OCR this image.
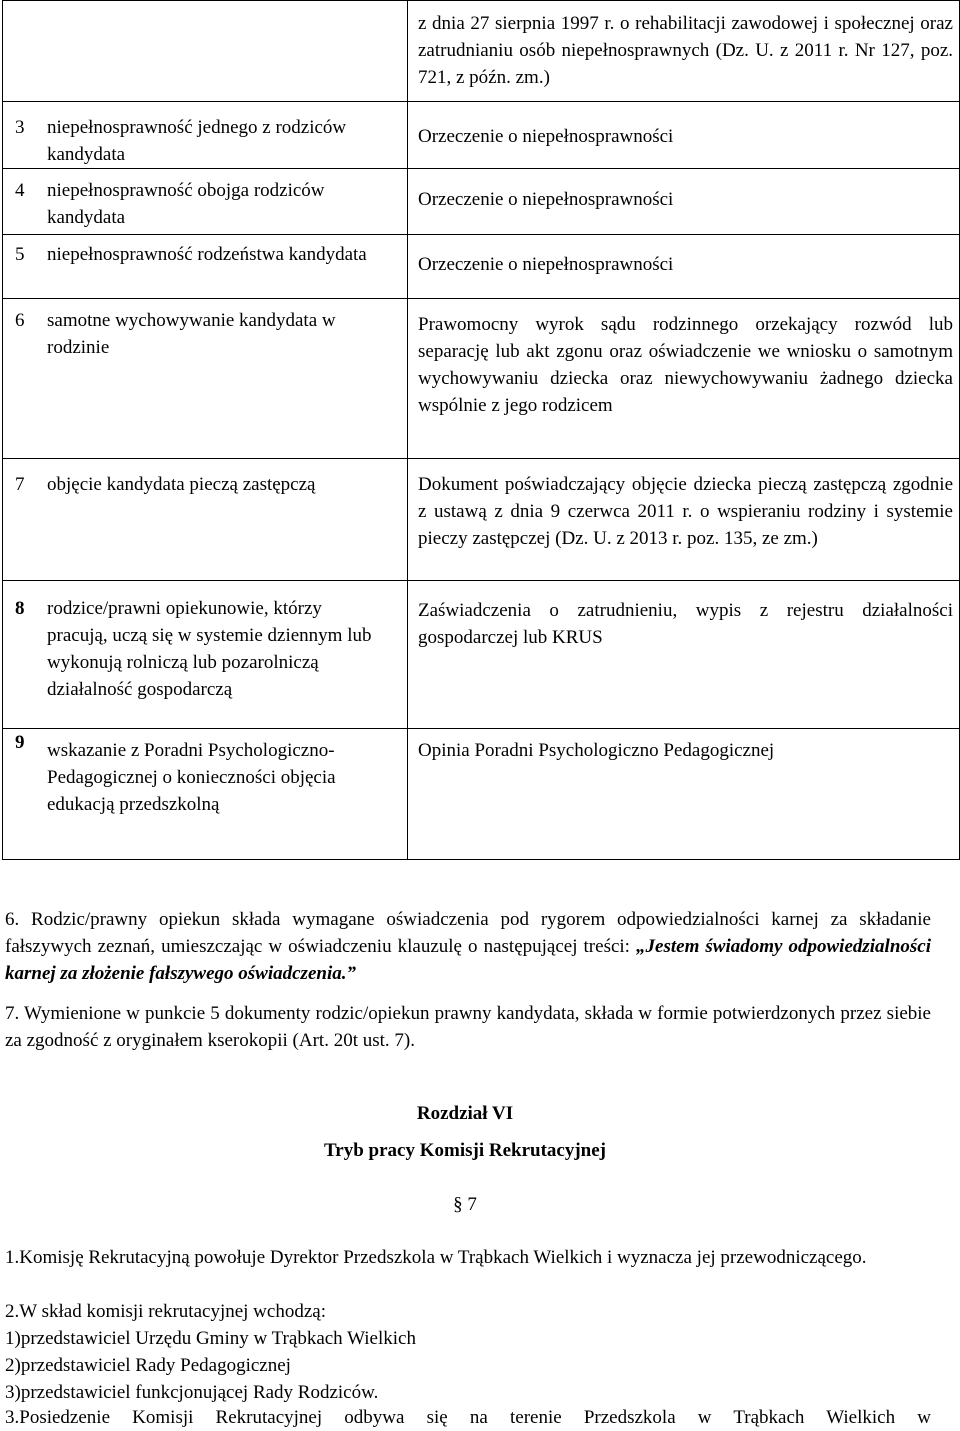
	z dnia 27 sierpnia 1997 r. o rehabilitacji zawodowej i społecznej oraz zatrudnianiu osób niepełnosprawnych (Dz. U. z 2011 r. Nr 127, poz. 721, z późn. zm.)

3 niepełnosprawność jednego z rodziców kandydata	Orzeczenie o niepełnosprawności

4 niepełnosprawność obojga rodziców kandydata	Orzeczenie o niepełnosprawności

5 niepełnosprawność rodzeństwa kandydata	Orzeczenie o niepełnosprawności

6 samotne wychowywanie kandydata w rodzinie	Prawomocny wyrok sądu rodzinnego orzekający rozwód lub separację lub akt zgonu oraz oświadczenie we wniosku o samotnym wychowywaniu dziecka oraz niewychowywaniu żadnego dziecka wspólnie z jego rodzicem

7 objęcie kandydata pieczą zastępczą	Dokument poświadczający objęcie dziecka pieczą zastępczą zgodnie z ustawą z dnia 9 czerwca 2011 r. o wspieraniu rodziny i systemie pieczy zastępczej (Dz. U. z 2013 r. poz. 135, ze zm.)

8 rodzice/prawni opiekunowie, którzy pracują, uczą się w systemie dziennym lub wykonują rolniczą lub pozarolniczą działalność gospodarczą	Zaświadczenia o zatrudnieniu, wypis z rejestru działalności gospodarczej lub KRUS

9 wskazanie z Poradni Psychologiczno-Pedagogicznej o konieczności objęcia edukacją przedszkolną	Opinia Poradni Psychologiczno Pedagogicznej
6. Rodzic/prawny opiekun składa wymagane oświadczenia pod rygorem odpowiedzialności karnej za składanie fałszywych zeznań, umieszczając w oświadczeniu klauzulę o następującej treści: „Jestem świadomy odpowiedzialności karnej za złożenie fałszywego oświadczenia.”
7. Wymienione w punkcie 5 dokumenty rodzic/opiekun prawny kandydata, składa w formie potwierdzonych przez siebie za zgodność z oryginałem kserokopii (Art. 20t ust. 7).
Rozdział VI
Tryb pracy Komisji Rekrutacyjnej
§ 7
1.Komisję Rekrutacyjną powołuje Dyrektor Przedszkola w Trąbkach Wielkich i wyznacza jej przewodniczącego.
2.W skład komisji rekrutacyjnej wchodzą:
1)przedstawiciel Urzędu Gminy w Trąbkach Wielkich
2)przedstawiciel Rady Pedagogicznej
3)przedstawiciel funkcjonującej Rady Rodziców.
3.Posiedzenie Komisji Rekrutacyjnej odbywa się na terenie Przedszkola w Trąbkach Wielkich w
